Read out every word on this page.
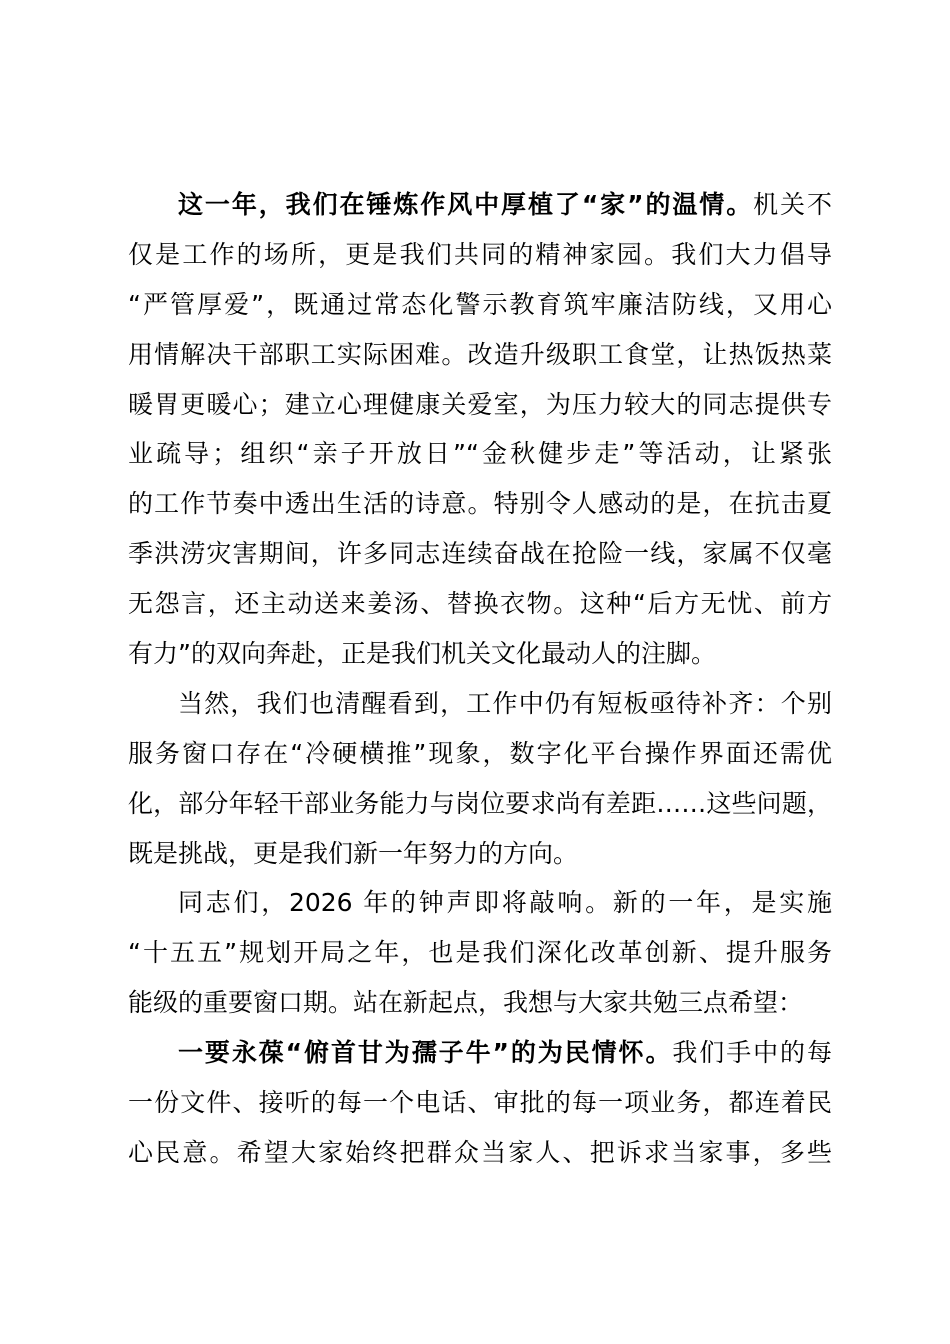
这一年，我们在锤炼作风中厚植了“家”的温情。机关不
仅是工作的场所，更是我们共同的精神家园。我们大力倡导
“严管厚爱”，既通过常态化警示教育筑牢廉洁防线，又用心
用情解决干部职工实际困难。改造升级职工食堂，让热饭热菜
暖胃更暖心；建立心理健康关爱室，为压力较大的同志提供专
业疏导；组织“亲子开放日”“金秋健步走”等活动，让紧张
的工作节奏中透出生活的诗意。特别令人感动的是，在抗击夏
季洪涝灾害期间，许多同志连续奋战在抢险一线，家属不仅毫
无怨言，还主动送来姜汤、替换衣物。这种“后方无忧、前方
有力”的双向奔赴，正是我们机关文化最动人的注脚。
当然，我们也清醒看到，工作中仍有短板亟待补齐：个别
服务窗口存在“冷硬横推”现象，数字化平台操作界面还需优
化，部分年轻干部业务能力与岗位要求尚有差距……这些问题，
既是挑战，更是我们新一年努力的方向。
同志们，2026 年的钟声即将敲响。新的一年，是实施
“十五五”规划开局之年，也是我们深化改革创新、提升服务
能级的重要窗口期。站在新起点，我想与大家共勉三点希望：
一要永葆“俯首甘为孺子牛”的为民情怀。我们手中的每
一份文件、接听的每一个电话、审批的每一项业务，都连着民
心民意。希望大家始终把群众当家人、把诉求当家事，多些
